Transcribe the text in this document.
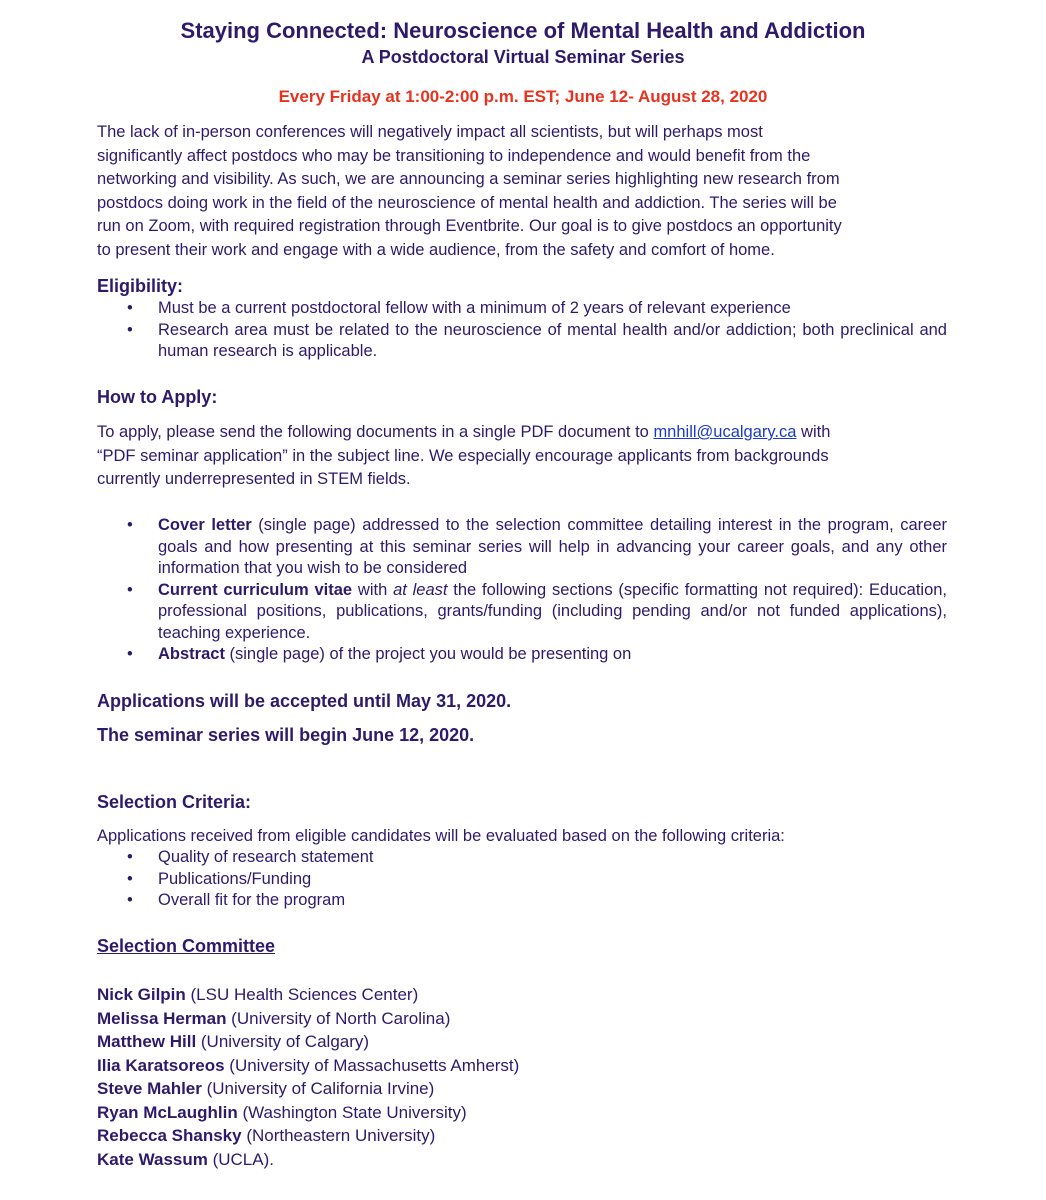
Staying Connected: Neuroscience of Mental Health and Addiction
A Postdoctoral Virtual Seminar Series
Every Friday at 1:00-2:00 p.m. EST; June 12- August 28, 2020
The lack of in-person conferences will negatively impact all scientists, but will perhaps most
significantly affect postdocs who may be transitioning to independence and would benefit from the
networking and visibility. As such, we are announcing a seminar series highlighting new research from
postdocs doing work in the field of the neuroscience of mental health and addiction. The series will be
run on Zoom, with required registration through Eventbrite. Our goal is to give postdocs an opportunity
to present their work and engage with a wide audience, from the safety and comfort of home.
Eligibility:
• Must be a current postdoctoral fellow with a minimum of 2 years of relevant experience
• Research area must be related to the neuroscience of mental health and/or addiction; both preclinical and human research is applicable.
How to Apply:
To apply, please send the following documents in a single PDF document to mnhill@ucalgary.ca with
“PDF seminar application” in the subject line. We especially encourage applicants from backgrounds
currently underrepresented in STEM fields.
• Cover letter (single page) addressed to the selection committee detailing interest in the program, career goals and how presenting at this seminar series will help in advancing your career goals, and any other information that you wish to be considered
• Current curriculum vitae with at least the following sections (specific formatting not required): Education, professional positions, publications, grants/funding (including pending and/or not funded applications), teaching experience.
• Abstract (single page) of the project you would be presenting on
Applications will be accepted until May 31, 2020.
The seminar series will begin June 12, 2020.
Selection Criteria:
Applications received from eligible candidates will be evaluated based on the following criteria:
• Quality of research statement
• Publications/Funding
• Overall fit for the program
Selection Committee
Nick Gilpin (LSU Health Sciences Center)
Melissa Herman (University of North Carolina)
Matthew Hill (University of Calgary)
Ilia Karatsoreos (University of Massachusetts Amherst)
Steve Mahler (University of California Irvine)
Ryan McLaughlin (Washington State University)
Rebecca Shansky (Northeastern University)
Kate Wassum (UCLA).
